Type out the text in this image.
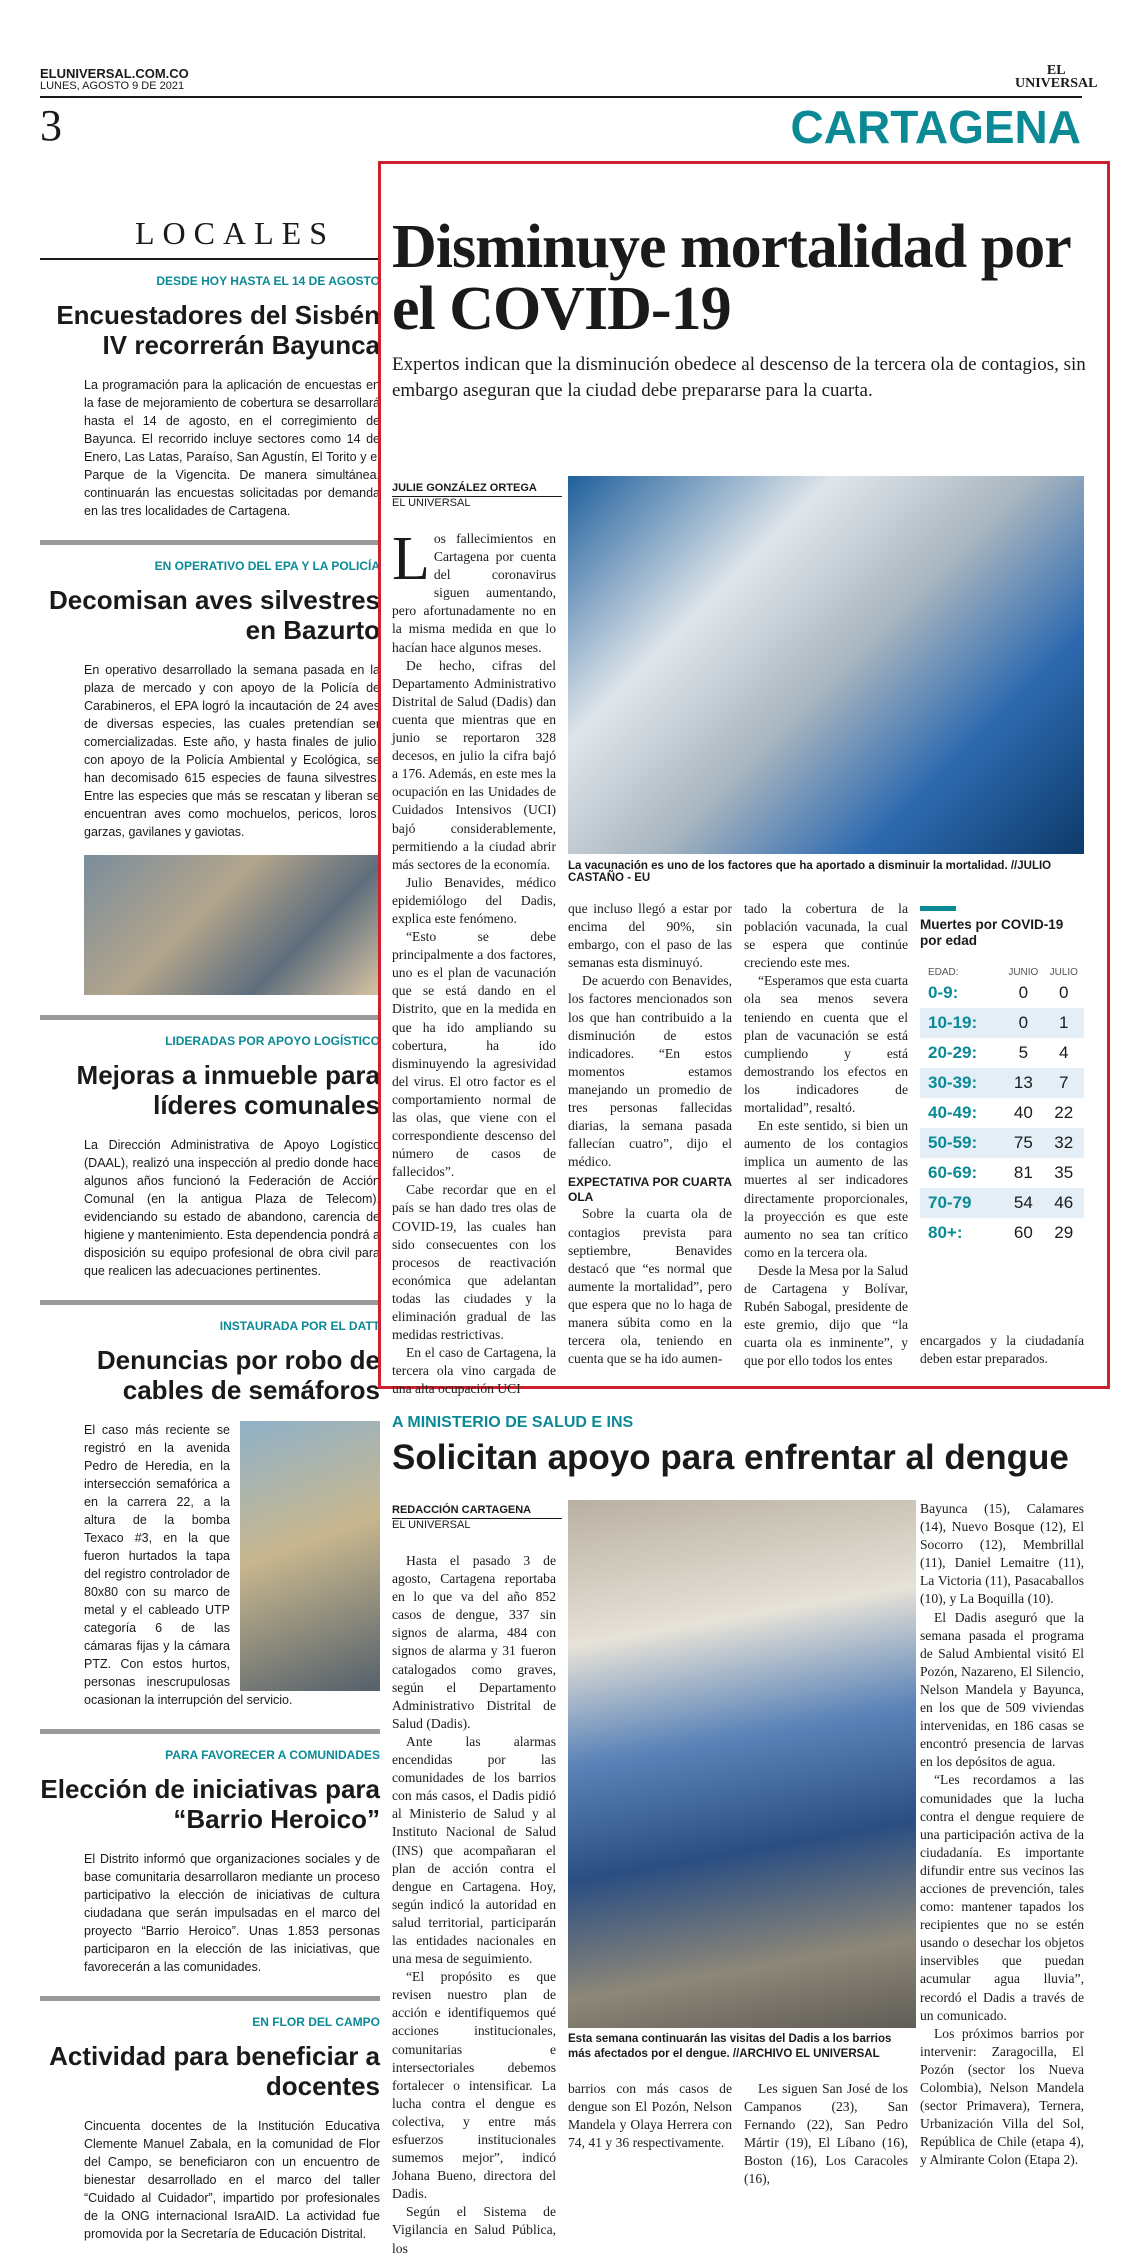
ELUNIVERSAL.COM.CO
LUNES, AGOSTO 9 DE 2021
EL
UNIVERSAL
3	CARTAGENA
LOCALES
DESDE HOY HASTA EL 14 DE AGOSTO
Encuestadores del Sisbén IV recorrerán Bayunca
La programación para la aplicación de encuestas en la fase de mejoramiento de cobertura se desarrollará hasta el 14 de agosto, en el corregimiento de Bayunca. El recorrido incluye sectores como 14 de Enero, Las Latas, Paraíso, San Agustín, El Torito y el Parque de la Vigencita. De manera simultánea, continuarán las encuestas solicitadas por demanda en las tres localidades de Cartagena.
EN OPERATIVO DEL EPA Y LA POLICÍA
Decomisan aves silvestres en Bazurto
En operativo desarrollado la semana pasada en la plaza de mercado y con apoyo de la Policía de Carabineros, el EPA logró la incautación de 24 aves de diversas especies, las cuales pretendían ser comercializadas. Este año, y hasta finales de julio, con apoyo de la Policía Ambiental y Ecológica, se han decomisado 615 especies de fauna silvestres. Entre las especies que más se rescatan y liberan se encuentran aves como mochuelos, pericos, loros, garzas, gavilanes y gaviotas.
LIDERADAS POR APOYO LOGÍSTICO
Mejoras a inmueble para líderes comunales
La Dirección Administrativa de Apoyo Logístico (DAAL), realizó una inspección al predio donde hace algunos años funcionó la Federación de Acción Comunal (en la antigua Plaza de Telecom), evidenciando su estado de abandono, carencia de higiene y mantenimiento. Esta dependencia pondrá a disposición su equipo profesional de obra civil para que realicen las adecuaciones pertinentes.
INSTAURADA POR EL DATT
Denuncias por robo de cables de semáforos
El caso más reciente se registró en la avenida Pedro de Heredia, en la intersección semafórica a en la carrera 22, a la altura de la bomba Texaco #3, en la que fueron hurtados la tapa del registro controlador de 80x80 con su marco de metal y el cableado UTP categoría 6 de las cámaras fijas y la cámara PTZ. Con estos hurtos, personas inescrupulosas ocasionan la interrupción del servicio.
PARA FAVORECER A COMUNIDADES
Elección de iniciativas para “Barrio Heroico”
El Distrito informó que organizaciones sociales y de base comunitaria desarrollaron mediante un proceso participativo la elección de iniciativas de cultura ciudadana que serán impulsadas en el marco del proyecto “Barrio Heroico”. Unas 1.853 personas participaron en la elección de las iniciativas, que favorecerán a las comunidades.
EN FLOR DEL CAMPO
Actividad para beneficiar a docentes
Cincuenta docentes de la Institución Educativa Clemente Manuel Zabala, en la comunidad de Flor del Campo, se beneficiaron con un encuentro de bienestar desarrollado en el marco del taller “Cuidado al Cuidador”, impartido por profesionales de la ONG internacional IsraAID. La actividad fue promovida por la Secretaría de Educación Distrital.
Disminuye mortalidad por el COVID-19
Expertos indican que la disminución obedece al descenso de la tercera ola de contagios, sin embargo aseguran que la ciudad debe prepararse para la cuarta.
JULIE GONZÁLEZ ORTEGA
EL UNIVERSAL
La vacunación es uno de los factores que ha aportado a disminuir la mortalidad. //JULIO CASTAÑO - EU

Los fallecimientos en Cartagena por cuenta del coronavirus siguen aumentando, pero afortunadamente no en la misma medida en que lo hacían hace algunos meses.

De hecho, cifras del Departamento Administrativo Distrital de Salud (Dadis) dan cuenta que mientras que en junio se reportaron 328 decesos, en julio la cifra bajó a 176. Además, en este mes la ocupación en las Unidades de Cuidados Intensivos (UCI) bajó considerablemente, permitiendo a la ciudad abrir más sectores de la economía.

Julio Benavides, médico epidemiólogo del Dadis, explica este fenómeno.

“Esto se debe principalmente a dos factores, uno es el plan de vacunación que se está dando en el Distrito, que en la medida en que ha ido ampliando su cobertura, ha ido disminuyendo la agresividad del virus. El otro factor es el comportamiento normal de las olas, que viene con el correspondiente descenso del número de casos de fallecidos”.

Cabe recordar que en el país se han dado tres olas de COVID-19, las cuales han sido consecuentes con los procesos de reactivación económica que adelantan todas las ciudades y la eliminación gradual de las medidas restrictivas.

En el caso de Cartagena, la tercera ola vino cargada de una alta ocupación UCI

que incluso llegó a estar por encima del 90%, sin embargo, con el paso de las semanas esta disminuyó.

De acuerdo con Benavides, los factores mencionados son los que han contribuido a la disminución de estos indicadores. “En estos momentos estamos manejando un promedio de tres personas fallecidas diarias, la semana pasada fallecían cuatro”, dijo el médico.

EXPECTATIVA POR CUARTA OLA

Sobre la cuarta ola de contagios prevista para septiembre, Benavides destacó que “es normal que aumente la mortalidad”, pero que espera que no lo haga de manera súbita como en la tercera ola, teniendo en cuenta que se ha ido aumen-

tado la cobertura de la población vacunada, la cual se espera que continúe creciendo este mes.

“Esperamos que esta cuarta ola sea menos severa teniendo en cuenta que el plan de vacunación se está cumpliendo y está demostrando los efectos en los indicadores de mortalidad”, resaltó.

En este sentido, si bien un aumento de los contagios implica un aumento de las muertes al ser indicadores directamente proporcionales, la proyección es que este aumento no sea tan crítico como en la tercera ola.

Desde la Mesa por la Salud de Cartagena y Bolívar, Rubén Sabogal, presidente de este gremio, dijo que “la cuarta ola es inminente”, y que por ello todos los entes

encargados y la ciudadanía deben estar preparados.

Muertes por COVID-19 por edad
EDAD:	JUNIO	JULIO
0-9:	0	0
10-19:	0	1
20-29:	5	4
30-39:	13	7
40-49:	40	22
50-59:	75	32
60-69:	81	35
70-79	54	46
80+:	60	29
A MINISTERIO DE SALUD E INS
Solicitan apoyo para enfrentar al dengue
REDACCIÓN CARTAGENA
EL UNIVERSAL
Esta semana continuarán las visitas del Dadis a los barrios más afectados por el dengue. //ARCHIVO EL UNIVERSAL

Hasta el pasado 3 de agosto, Cartagena reportaba en lo que va del año 852 casos de dengue, 337 sin signos de alarma, 484 con signos de alarma y 31 fueron catalogados como graves, según el Departamento Administrativo Distrital de Salud (Dadis).

Ante las alarmas encendidas por las comunidades de los barrios con más casos, el Dadis pidió al Ministerio de Salud y al Instituto Nacional de Salud (INS) que acompañaran el plan de acción contra el dengue en Cartagena. Hoy, según indicó la autoridad en salud territorial, participarán las entidades nacionales en una mesa de seguimiento.

“El propósito es que revisen nuestro plan de acción e identifiquemos qué acciones institucionales, comunitarias e intersectoriales debemos fortalecer o intensificar. La lucha contra el dengue es colectiva, y entre más esfuerzos institucionales sumemos mejor”, indicó Johana Bueno, directora del Dadis.

Según el Sistema de Vigilancia en Salud Pública, los

barrios con más casos de dengue son El Pozón, Nelson Mandela y Olaya Herrera con 74, 41 y 36 respectivamente.

Les siguen San José de los Campanos (23), San Fernando (22), San Pedro Mártir (19), El Líbano (16), Boston (16), Los Caracoles (16),

Bayunca (15), Calamares (14), Nuevo Bosque (12), El Socorro (12), Membrillal (11), Daniel Lemaitre (11), La Victoria (11), Pasacaballos (10), y La Boquilla (10).

El Dadis aseguró que la semana pasada el programa de Salud Ambiental visitó El Pozón, Nazareno, El Silencio, Nelson Mandela y Bayunca, en los que de 509 viviendas intervenidas, en 186 casas se encontró presencia de larvas en los depósitos de agua.

“Les recordamos a las comunidades que la lucha contra el dengue requiere de una participación activa de la ciudadanía. Es importante difundir entre sus vecinos las acciones de prevención, tales como: mantener tapados los recipientes que no se estén usando o desechar los objetos inservibles que puedan acumular agua lluvia”, recordó el Dadis a través de un comunicado.

Los próximos barrios por intervenir: Zaragocilla, El Pozón (sector los Nueva Colombia), Nelson Mandela (sector Primavera), Ternera, Urbanización Villa del Sol, República de Chile (etapa 4), y Almirante Colon (Etapa 2).
